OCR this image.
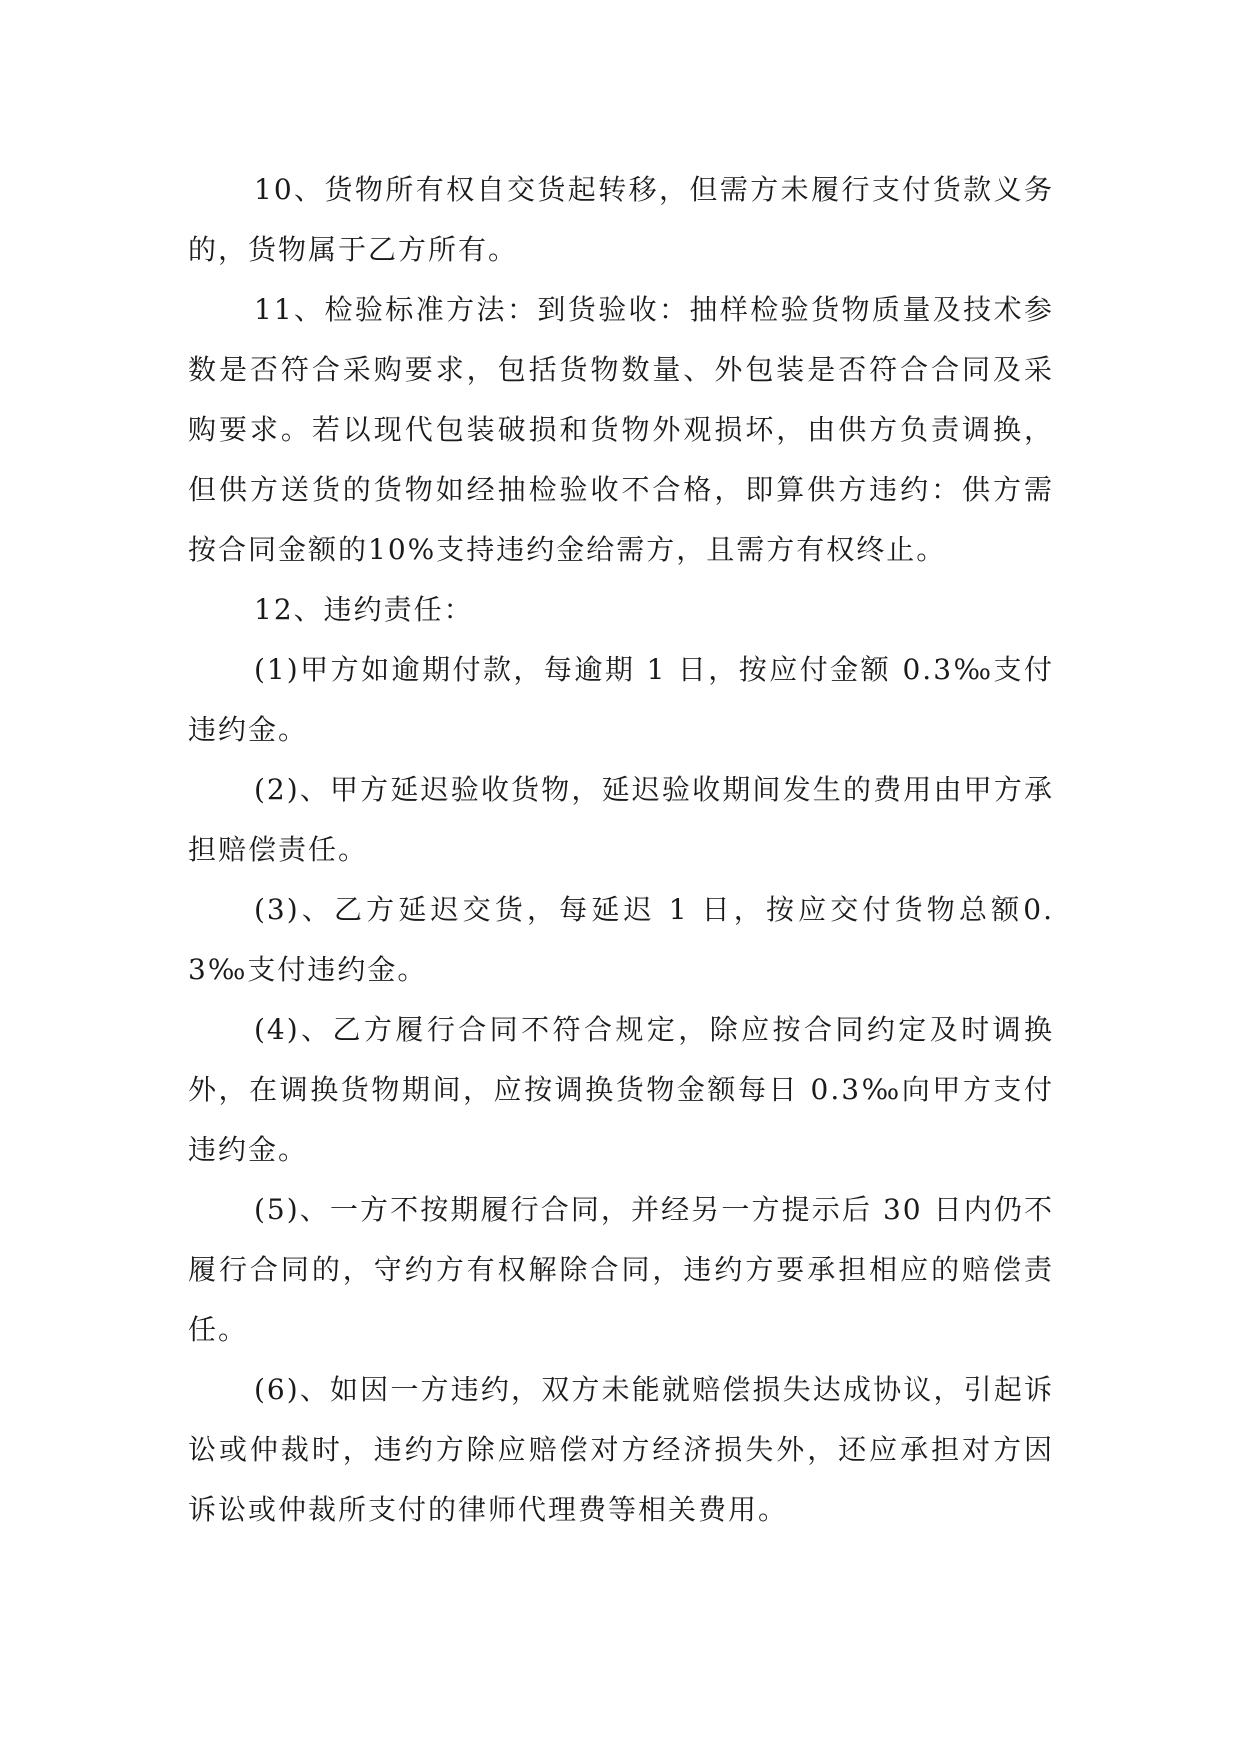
10、货物所有权自交货起转移，但需方未履行支付货款义务的，货物属于乙方所有。

11、检验标准方法：到货验收：抽样检验货物质量及技术参数是否符合采购要求，包括货物数量、外包装是否符合合同及采购要求。若以现代包装破损和货物外观损坏，由供方负责调换，但供方送货的货物如经抽检验收不合格，即算供方违约：供方需按合同金额的10%支持违约金给需方，且需方有权终止。

12、违约责任：

(1)甲方如逾期付款，每逾期 1 日，按应付金额 0.3‰支付违约金。

(2)、甲方延迟验收货物，延迟验收期间发生的费用由甲方承担赔偿责任。

(3)、乙方延迟交货，每延迟 1 日，按应交付货物总额0.3‰支付违约金。

(4)、乙方履行合同不符合规定，除应按合同约定及时调换外，在调换货物期间，应按调换货物金额每日 0.3‰向甲方支付违约金。

(5)、一方不按期履行合同，并经另一方提示后 30 日内仍不履行合同的，守约方有权解除合同，违约方要承担相应的赔偿责任。

(6)、如因一方违约，双方未能就赔偿损失达成协议，引起诉讼或仲裁时，违约方除应赔偿对方经济损失外，还应承担对方因诉讼或仲裁所支付的律师代理费等相关费用。
